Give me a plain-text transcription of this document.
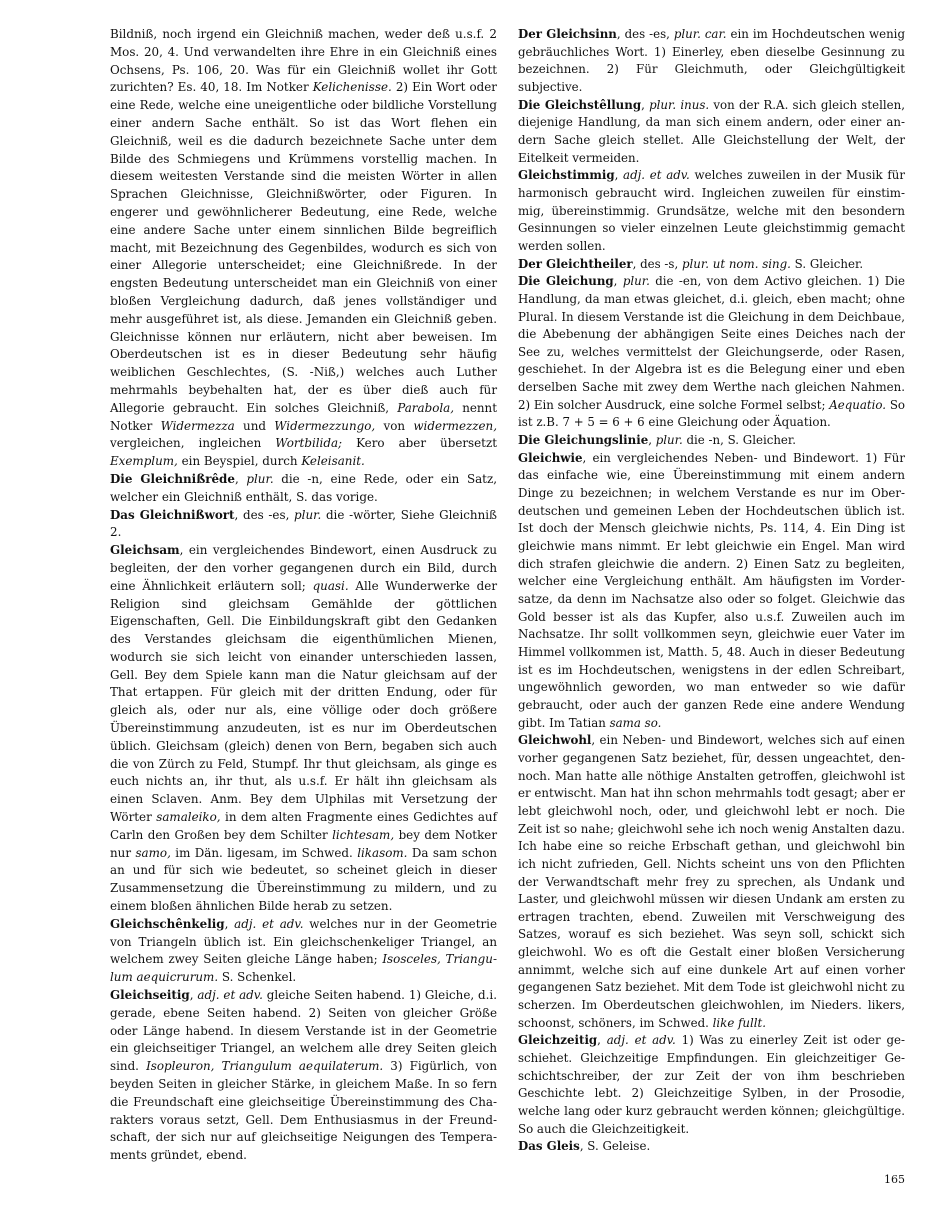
Bildniß, noch irgend ein Gleichniß machen, weder deß u.s.f. 2 Mos. 20, 4. Und verwandelten ihre Ehre in ein Gleichniß eines Ochsens, Ps. 106, 20. Was für ein Gleichniß wollet ihr Gott zurichten? Es. 40, 18. Im Notker Kelichenisse. 2) Ein Wort oder eine Rede, welche eine uneigentliche oder bildliche Vorstellung einer andern Sache enthält. So ist das Wort flehen ein Gleichniß, weil es die dadurch bezeichnete Sache unter dem Bilde des Schmiegens und Krümmens vorstellig machen. In diesem weitesten Verstande sind die meisten Wörter in allen Sprachen Gleichnisse, Gleichnißwörter, oder Figuren. In engerer und gewöhnlicherer Bedeutung, eine Rede, welche eine andere Sache unter einem sinnlichen Bilde begreiflich macht, mit Bezeichnung des Gegenbildes, wodurch es sich von einer Allegorie unterscheidet; eine Gleichnißrede. In der engsten Bedeutung unterscheidet man ein Gleichniß von einer bloßen Vergleichung dadurch, daß jenes vollständiger und mehr ausgeführet ist, als diese. Jemanden ein Gleichniß geben. Gleichnisse können nur erläutern, nicht aber beweisen. Im Oberdeutschen ist es in dieser Bedeutung sehr häufig weiblichen Geschlechtes, (S. -Niß,) welches auch Luther mehrmahls beybehalten hat, der es über dieß auch für Allegorie gebraucht. Ein solches Gleichniß, Parabola, nennt Notker Widermezza und Widermezzungo, von widermezzen, vergleichen, ingleichen Wortbilida; Kero aber übersetzt Exemplum, ein Beyspiel, durch Keleisanit.

Die Gleichnißrêde, plur. die -n, eine Rede, oder ein Satz, welcher ein Gleichniß enthält, S. das vorige.

Das Gleichnißwort, des -es, plur. die -wörter, Siehe Gleichniß 2.

Gleichsam, ein vergleichendes Bindewort, einen Ausdruck zu begleiten, der den vorher gegangenen durch ein Bild, durch eine Ähnlichkeit erläutern soll; quasi. Alle Wunderwerke der Religion sind gleichsam Gemählde der göttlichen Eigenschaften, Gell. Die Einbildungskraft gibt den Gedanken des Verstandes gleichsam die eigenthümlichen Mienen, wodurch sie sich leicht von einander unterschieden lassen, Gell. Bey dem Spiele kann man die Natur gleichsam auf der That ertappen. Für gleich mit der dritten Endung, oder für gleich als, oder nur als, eine völlige oder doch größere Übereinstimmung anzudeuten, ist es nur im Oberdeutschen üblich. Gleichsam (gleich) denen von Bern, begaben sich auch die von Zürch zu Feld, Stumpf. Ihr thut gleichsam, als ginge es euch nichts an, ihr thut, als u.s.f. Er hält ihn gleichsam als einen Sclaven. Anm. Bey dem Ulphilas mit Versetzung der Wörter samaleiko, in dem alten Fragmente eines Gedichtes auf Carln den Großen bey dem Schilter lichtesam, bey dem Notker nur samo, im Dän. ligesam, im Schwed. likasom. Da sam schon an und für sich wie bedeutet, so scheinet gleich in dieser Zusammensetzung die Übereinstimmung zu mildern, und zu einem bloßen ähnlichen Bilde herab zu setzen.

Gleichschênkelig, adj. et adv. welches nur in der Geometrie von Triangeln üblich ist. Ein gleichschenkeliger Triangel, an welchem zwey Seiten gleiche Länge haben; Isosceles, Triangulum aequicrurum. S. Schenkel.

Gleichseitig, adj. et adv. gleiche Seiten habend. 1) Gleiche, d.i. gerade, ebene Seiten habend. 2) Seiten von gleicher Größe oder Länge habend. In diesem Verstande ist in der Geometrie ein gleichseitiger Triangel, an welchem alle drey Seiten gleich sind. Isopleuron, Triangulum aequilaterum. 3) Figürlich, von beyden Seiten in gleicher Stärke, in gleichem Maße. In so fern die Freundschaft eine gleichseitige Übereinstimmung des Charakters voraus setzt, Gell. Dem Enthusiasmus in der Freundschaft, der sich nur auf gleichseitige Neigungen des Temperaments gründet, ebend.

Der Gleichsinn, des -es, plur. car. ein im Hochdeutschen wenig gebräuchliches Wort. 1) Einerley, eben dieselbe Gesinnung zu bezeichnen. 2) Für Gleichmuth, oder Gleichgültigkeit subjective.

Die Gleichstêllung, plur. inus. von der R.A. sich gleich stellen, diejenige Handlung, da man sich einem andern, oder einer andern Sache gleich stellet. Alle Gleichstellung der Welt, der Eitelkeit vermeiden.

Gleichstimmig, adj. et adv. welches zuweilen in der Musik für harmonisch gebraucht wird. Ingleichen zuweilen für einstimmig, übereinstimmig. Grundsätze, welche mit den besondern Gesinnungen so vieler einzelnen Leute gleichstimmig gemacht werden sollen.

Der Gleichtheiler, des -s, plur. ut nom. sing. S. Gleicher.

Die Gleichung, plur. die -en, von dem Activo gleichen. 1) Die Handlung, da man etwas gleichet, d.i. gleich, eben macht; ohne Plural. In diesem Verstande ist die Gleichung in dem Deichbaue, die Abebenung der abhängigen Seite eines Deiches nach der See zu, welches vermittelst der Gleichungserde, oder Rasen, geschiehet. In der Algebra ist es die Belegung einer und eben derselben Sache mit zwey dem Werthe nach gleichen Nahmen. 2) Ein solcher Ausdruck, eine solche Formel selbst; Aequatio. So ist z.B. 7 + 5 = 6 + 6 eine Gleichung oder Äquation.

Die Gleichungslinie, plur. die -n, S. Gleicher.

Gleichwie, ein vergleichendes Neben- und Bindewort. 1) Für das einfache wie, eine Übereinstimmung mit einem andern Dinge zu bezeichnen; in welchem Verstande es nur im Oberdeutschen und gemeinen Leben der Hochdeutschen üblich ist. Ist doch der Mensch gleichwie nichts, Ps. 114, 4. Ein Ding ist gleichwie mans nimmt. Er lebt gleichwie ein Engel. Man wird dich strafen gleichwie die andern. 2) Einen Satz zu begleiten, welcher eine Vergleichung enthält. Am häufigsten im Vordersatze, da denn im Nachsatze also oder so folget. Gleichwie das Gold besser ist als das Kupfer, also u.s.f. Zuweilen auch im Nachsatze. Ihr sollt vollkommen seyn, gleichwie euer Vater im Himmel vollkommen ist, Matth. 5, 48. Auch in dieser Bedeutung ist es im Hochdeutschen, wenigstens in der edlen Schreibart, ungewöhnlich geworden, wo man entweder so wie dafür gebraucht, oder auch der ganzen Rede eine andere Wendung gibt. Im Tatian sama so.

Gleichwohl, ein Neben- und Bindewort, welches sich auf einen vorher gegangenen Satz beziehet, für, dessen ungeachtet, dennoch. Man hatte alle nöthige Anstalten getroffen, gleichwohl ist er entwischt. Man hat ihn schon mehrmahls todt gesagt; aber er lebt gleichwohl noch, oder, und gleichwohl lebt er noch. Die Zeit ist so nahe; gleichwohl sehe ich noch wenig Anstalten dazu. Ich habe eine so reiche Erbschaft gethan, und gleichwohl bin ich nicht zufrieden, Gell. Nichts scheint uns von den Pflichten der Verwandtschaft mehr frey zu sprechen, als Undank und Laster, und gleichwohl müssen wir diesen Undank am ersten zu ertragen trachten, ebend. Zuweilen mit Verschweigung des Satzes, worauf es sich beziehet. Was seyn soll, schickt sich gleichwohl. Wo es oft die Gestalt einer bloßen Versicherung annimmt, welche sich auf eine dunkele Art auf einen vorher gegangenen Satz beziehet. Mit dem Tode ist gleichwohl nicht zu scherzen. Im Oberdeutschen gleichwohlen, im Nieders. likers, schoonst, schöners, im Schwed. like fullt.

Gleichzeitig, adj. et adv. 1) Was zu einerley Zeit ist oder geschiehet. Gleichzeitige Empfindungen. Ein gleichzeitiger Geschichtschreiber, der zur Zeit der von ihm beschrieben Geschichte lebt. 2) Gleichzeitige Sylben, in der Prosodie, welche lang oder kurz gebraucht werden können; gleichgültige. So auch die Gleichzeitigkeit.

Das Gleis, S. Geleise.

165
